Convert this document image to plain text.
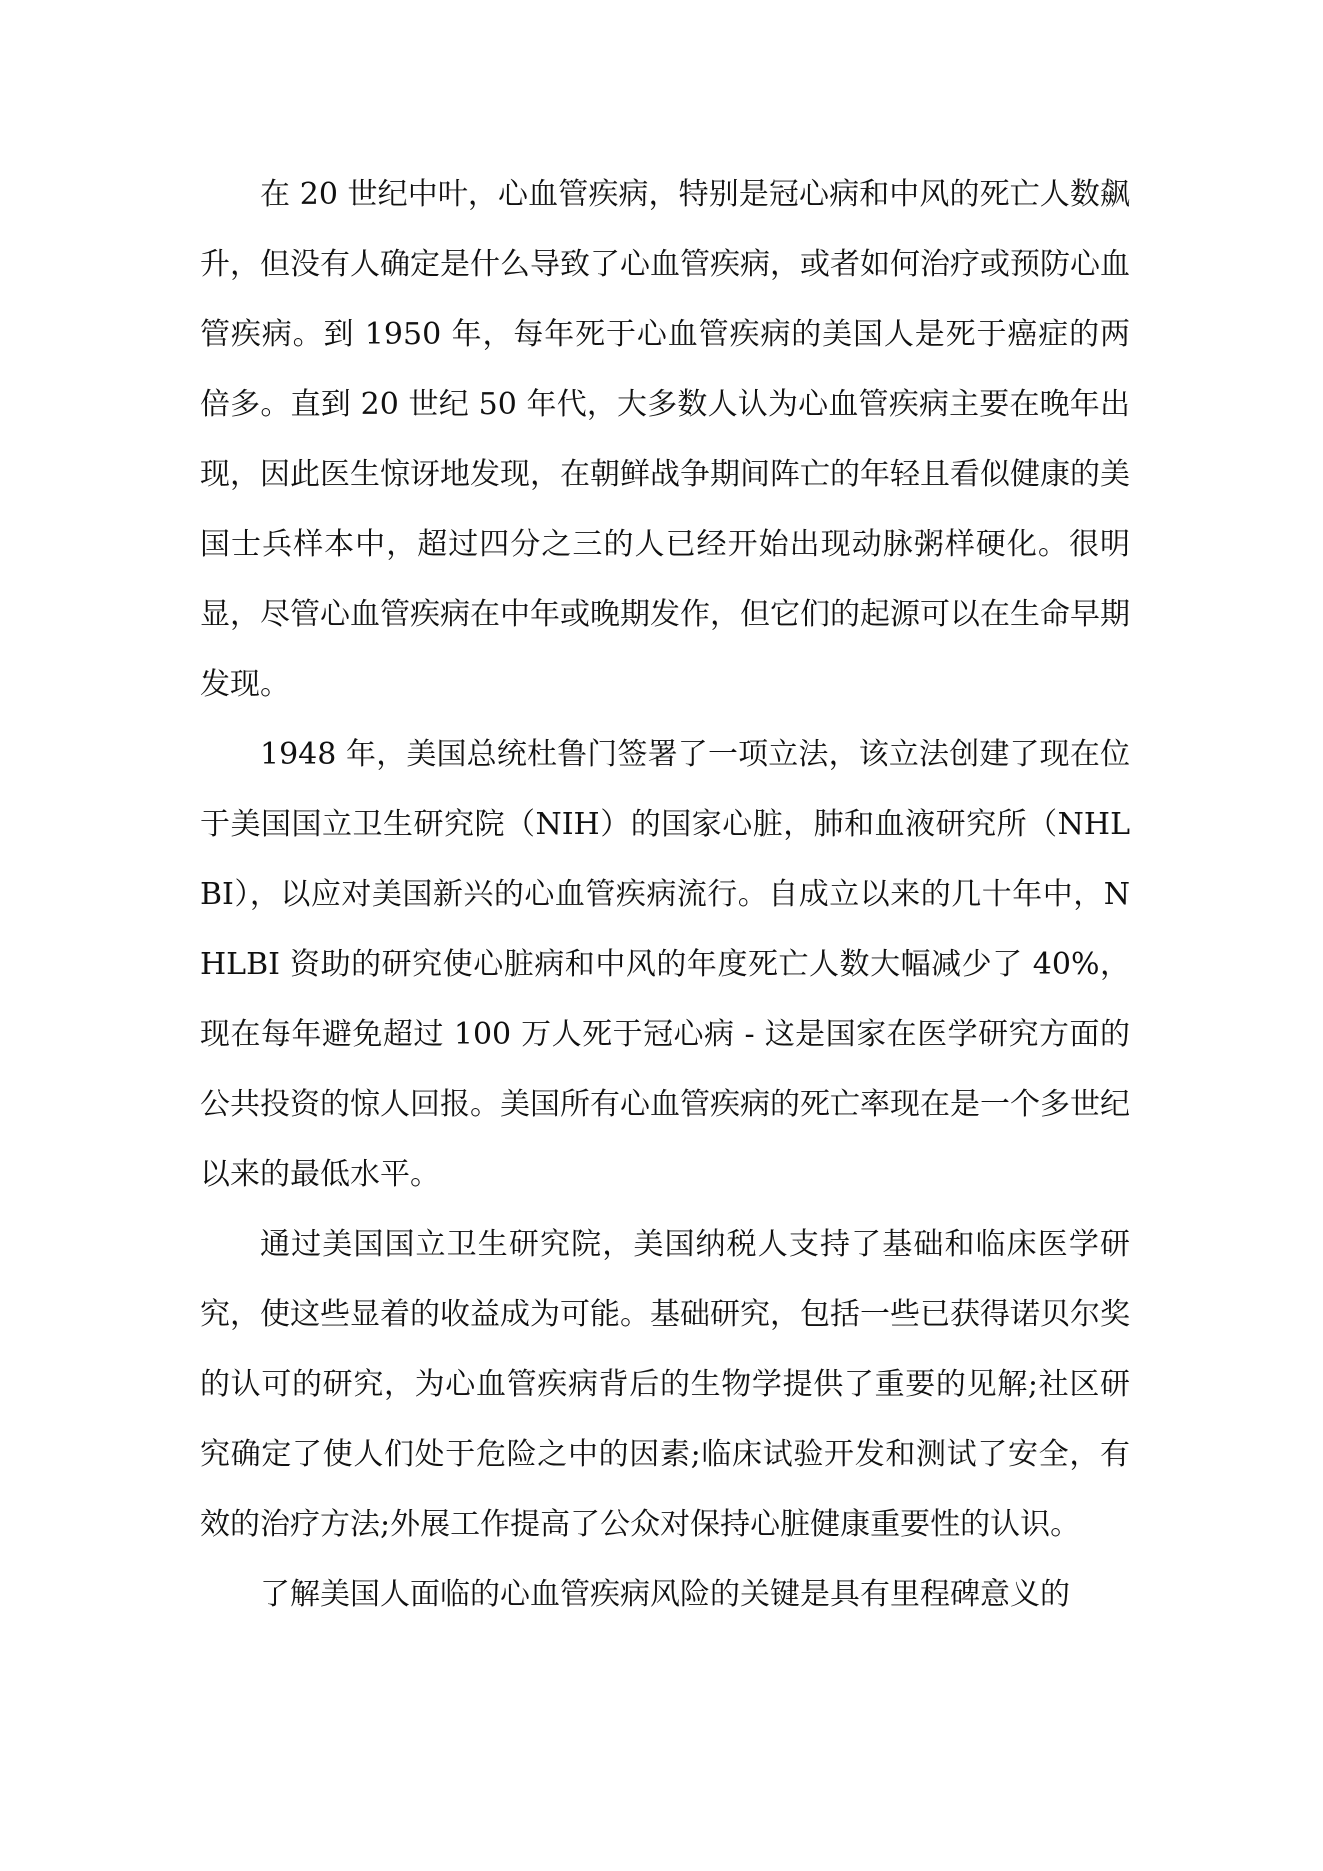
在 20 世纪中叶，心血管疾病，特别是冠心病和中风的死亡人数飙升，但没有人确定是什么导致了心血管疾病，或者如何治疗或预防心血管疾病。到 1950 年，每年死于心血管疾病的美国人是死于癌症的两倍多。直到 20 世纪 50 年代，大多数人认为心血管疾病主要在晚年出现，因此医生惊讶地发现，在朝鲜战争期间阵亡的年轻且看似健康的美国士兵样本中，超过四分之三的人已经开始出现动脉粥样硬化。很明显，尽管心血管疾病在中年或晚期发作，但它们的起源可以在生命早期发现。

1948 年，美国总统杜鲁门签署了一项立法，该立法创建了现在位于美国国立卫生研究院（NIH）的国家心脏，肺和血液研究所（NHLBI），以应对美国新兴的心血管疾病流行。自成立以来的几十年中，NHLBI 资助的研究使心脏病和中风的年度死亡人数大幅减少了 40%，现在每年避免超过 100 万人死于冠心病 - 这是国家在医学研究方面的公共投资的惊人回报。美国所有心血管疾病的死亡率现在是一个多世纪以来的最低水平。

通过美国国立卫生研究院，美国纳税人支持了基础和临床医学研究，使这些显着的收益成为可能。基础研究，包括一些已获得诺贝尔奖的认可的研究，为心血管疾病背后的生物学提供了重要的见解;社区研究确定了使人们处于危险之中的因素;临床试验开发和测试了安全，有效的治疗方法;外展工作提高了公众对保持心脏健康重要性的认识。

了解美国人面临的心血管疾病风险的关键是具有里程碑意义的
